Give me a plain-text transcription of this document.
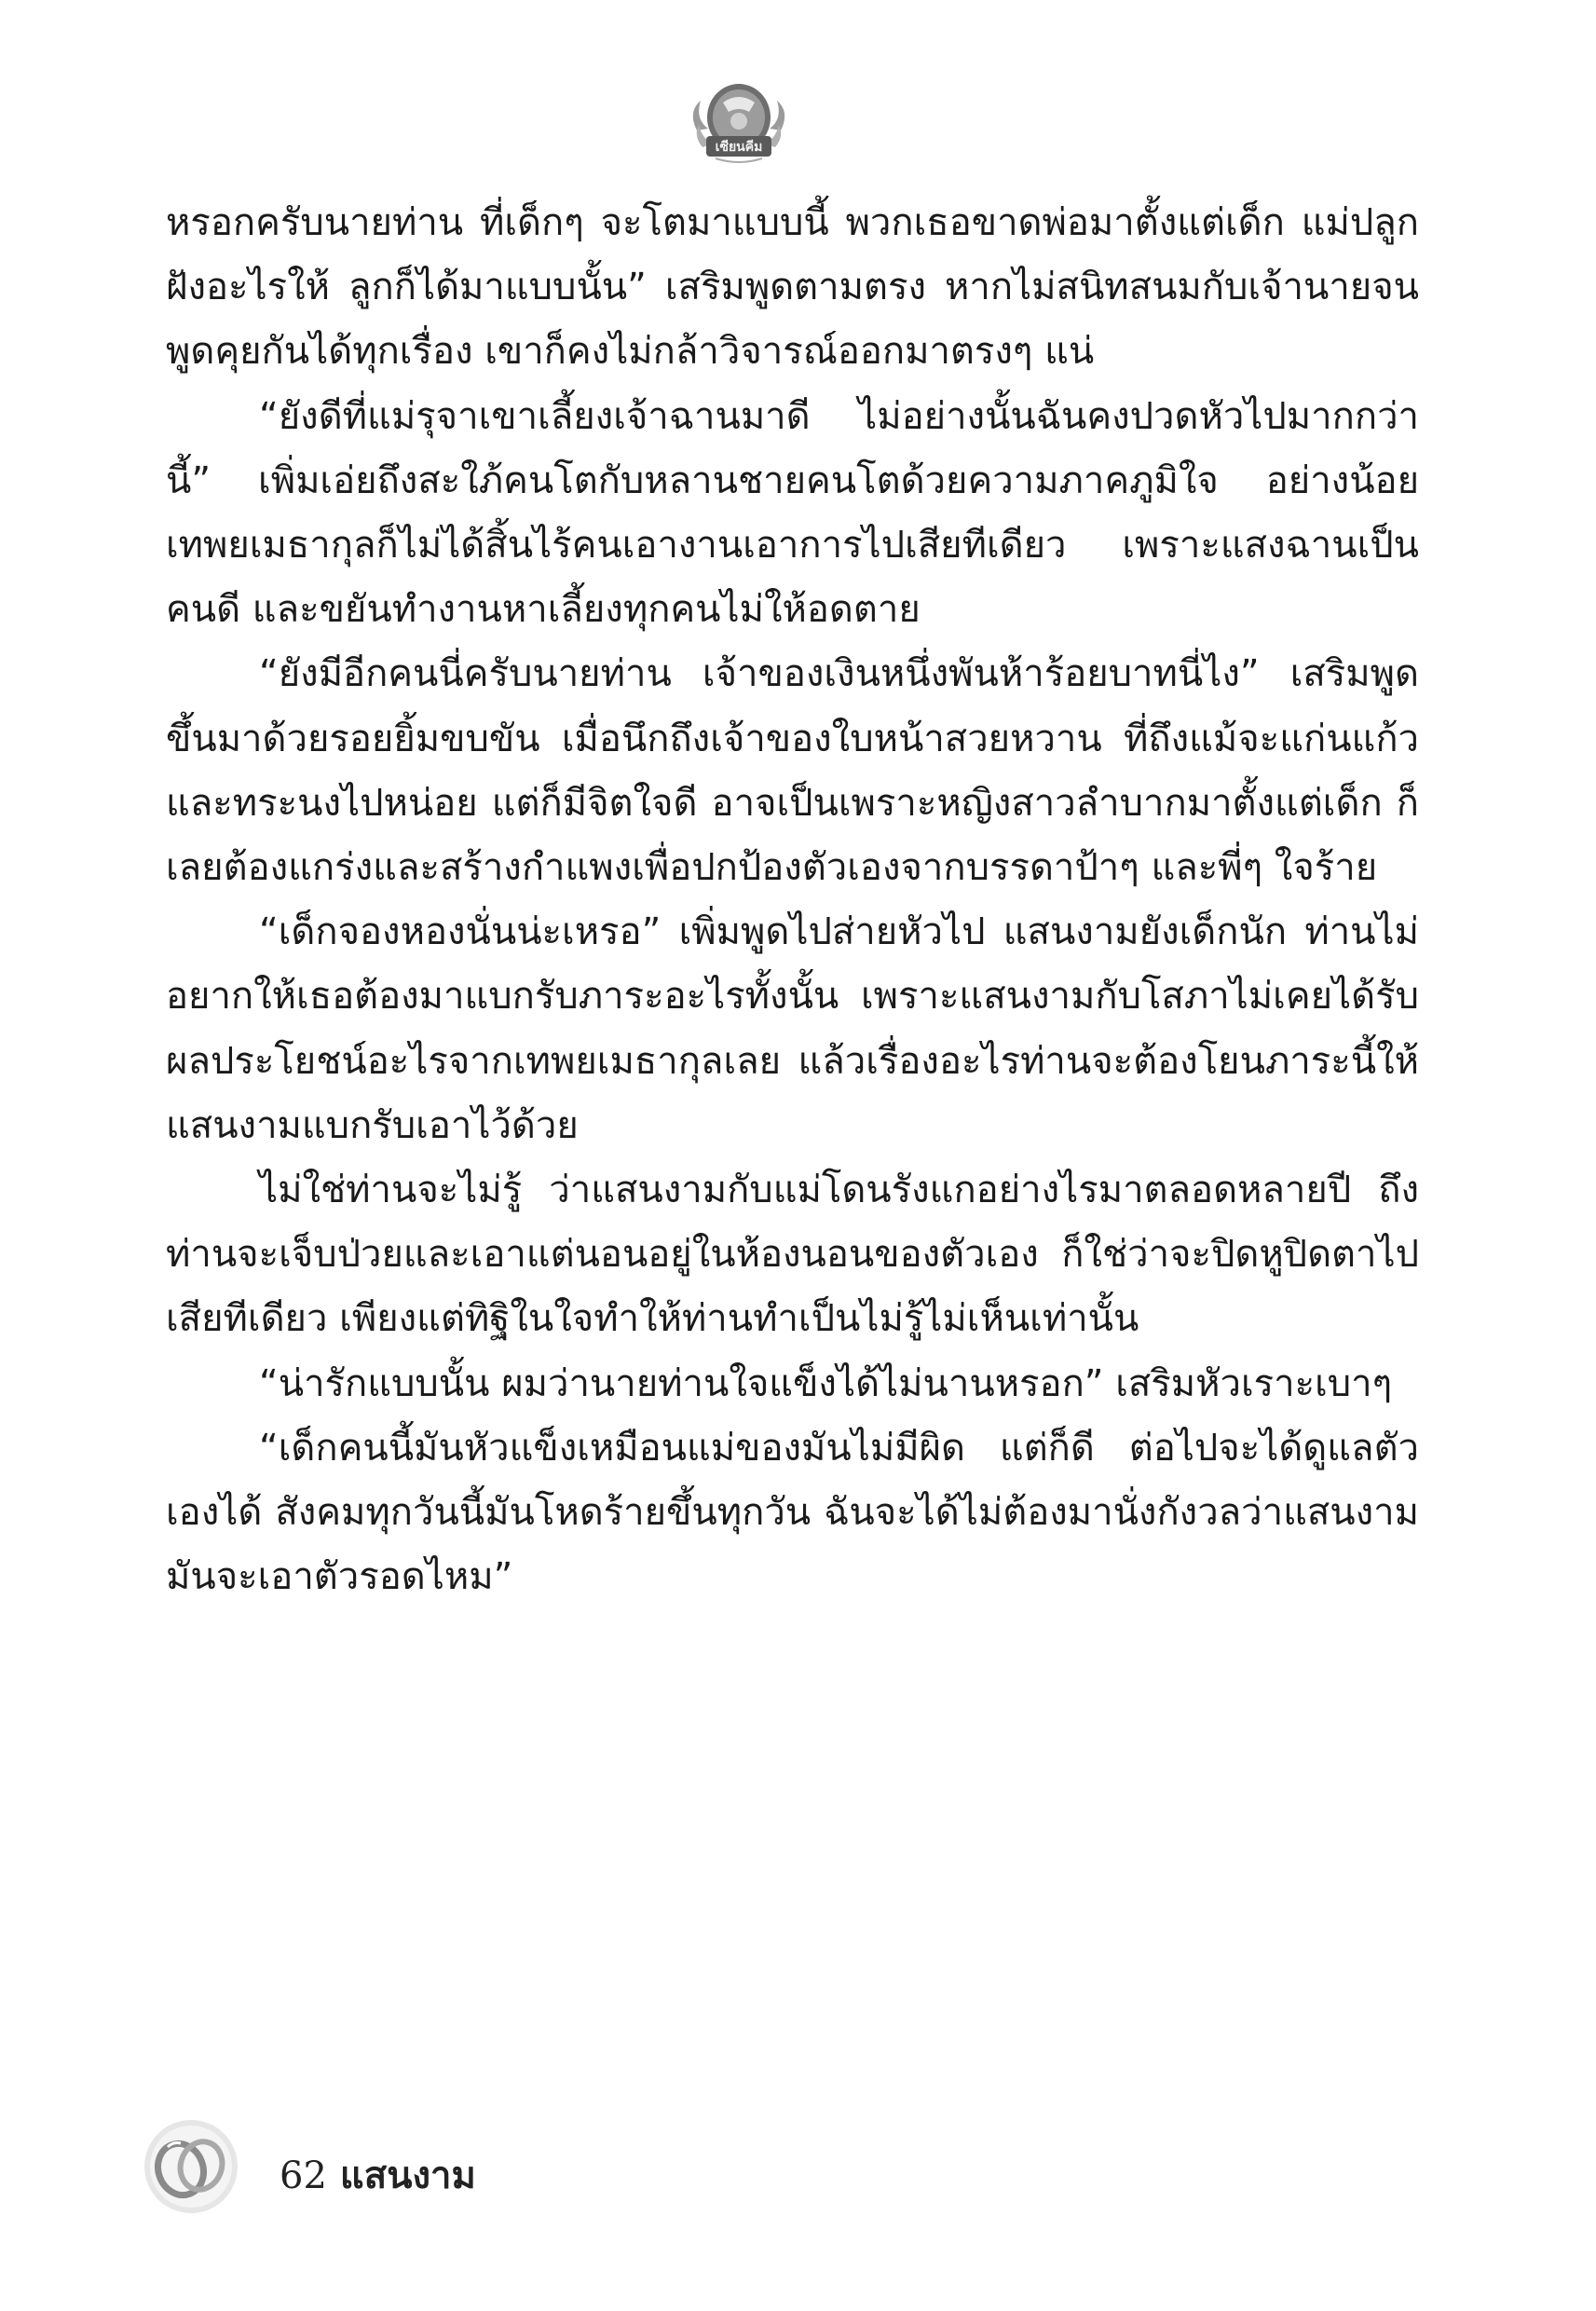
เซียนคีม

หรอกครับนายท่าน ที่เด็กๆ จะโตมาแบบนี้ พวกเธอขาดพ่อมาตั้งแต่เด็ก แม่ปลูกฝังอะไรให้ ลูกก็ได้มาแบบนั้น” เสริมพูดตามตรง หากไม่สนิทสนมกับเจ้านายจนพูดคุยกันได้ทุกเรื่อง เขาก็คงไม่กล้าวิจารณ์ออกมาตรงๆ แน่

“ยังดีที่แม่รุจาเขาเลี้ยงเจ้าฉานมาดี ไม่อย่างนั้นฉันคงปวดหัวไปมากกว่านี้” เพิ่มเอ่ยถึงสะใภ้คนโตกับหลานชายคนโตด้วยความภาคภูมิใจ อย่างน้อยเทพยเมธากุลก็ไม่ได้สิ้นไร้คนเอางานเอาการไปเสียทีเดียว เพราะแสงฉานเป็นคนดี และขยันทำงานหาเลี้ยงทุกคนไม่ให้อดตาย

“ยังมีอีกคนนี่ครับนายท่าน เจ้าของเงินหนึ่งพันห้าร้อยบาทนี่ไง” เสริมพูดขึ้นมาด้วยรอยยิ้มขบขัน เมื่อนึกถึงเจ้าของใบหน้าสวยหวาน ที่ถึงแม้จะแก่นแก้วและทระนงไปหน่อย แต่ก็มีจิตใจดี อาจเป็นเพราะหญิงสาวลำบากมาตั้งแต่เด็ก ก็เลยต้องแกร่งและสร้างกำแพงเพื่อปกป้องตัวเองจากบรรดาป้าๆ และพี่ๆ ใจร้าย

“เด็กจองหองนั่นน่ะเหรอ” เพิ่มพูดไปส่ายหัวไป แสนงามยังเด็กนัก ท่านไม่อยากให้เธอต้องมาแบกรับภาระอะไรทั้งนั้น เพราะแสนงามกับโสภาไม่เคยได้รับผลประโยชน์อะไรจากเทพยเมธากุลเลย แล้วเรื่องอะไรท่านจะต้องโยนภาระนี้ให้แสนงามแบกรับเอาไว้ด้วย

ไม่ใช่ท่านจะไม่รู้ ว่าแสนงามกับแม่โดนรังแกอย่างไรมาตลอดหลายปี ถึงท่านจะเจ็บป่วยและเอาแต่นอนอยู่ในห้องนอนของตัวเอง ก็ใช่ว่าจะปิดหูปิดตาไปเสียทีเดียว เพียงแต่ทิฐิในใจทำให้ท่านทำเป็นไม่รู้ไม่เห็นเท่านั้น

“น่ารักแบบนั้น ผมว่านายท่านใจแข็งได้ไม่นานหรอก” เสริมหัวเราะเบาๆ

“เด็กคนนี้มันหัวแข็งเหมือนแม่ของมันไม่มีผิด แต่ก็ดี ต่อไปจะได้ดูแลตัวเองได้ สังคมทุกวันนี้มันโหดร้ายขึ้นทุกวัน ฉันจะได้ไม่ต้องมานั่งกังวลว่าแสนงามมันจะเอาตัวรอดไหม”

62 แสนงาม
